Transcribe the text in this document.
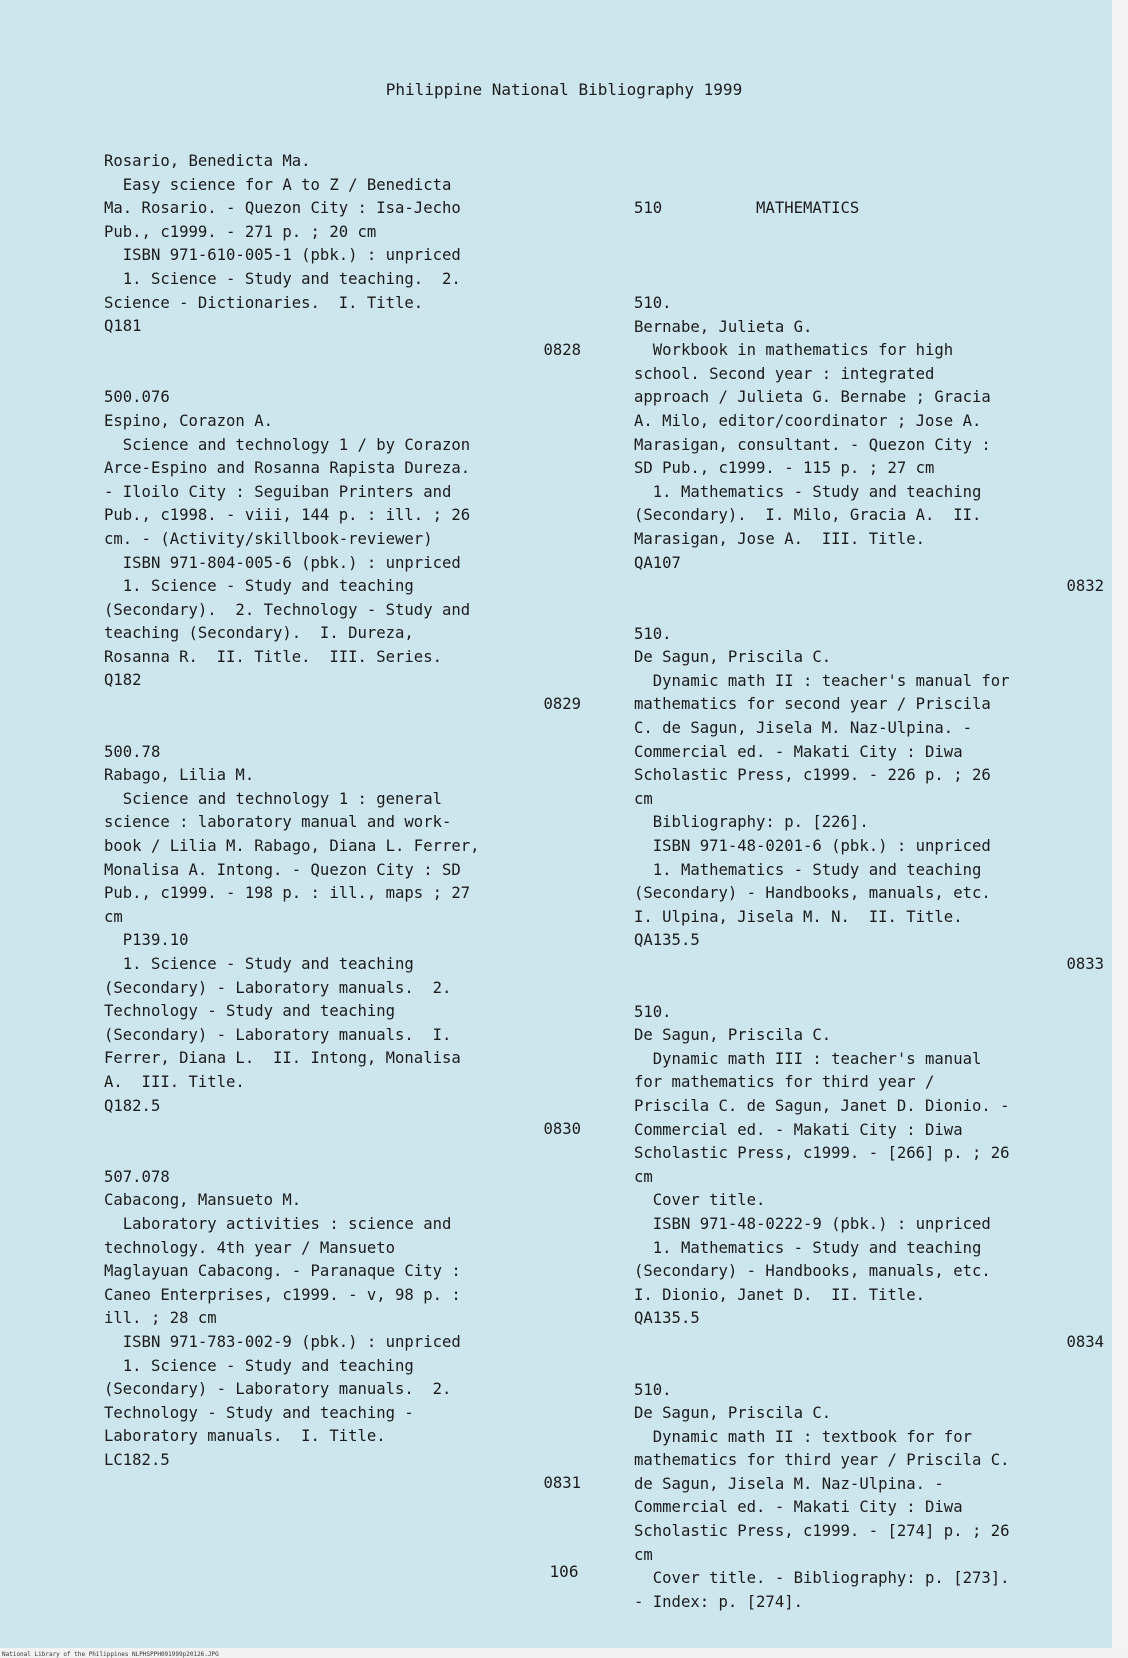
National Library of the Philippines NLPHSPPH091999p20126.JPG
Philippine National Bibliography 1999
Rosario, Benedicta Ma.
Easy science for A to Z / Benedicta
Ma. Rosario. - Quezon City : Isa-Jecho
Pub., c1999. - 271 p. ; 20 cm
ISBN 971-610-005-1 (pbk.) : unpriced
1. Science - Study and teaching.  2.
Science - Dictionaries.  I. Title.
Q181
0828
500.076
Espino, Corazon A.
Science and technology 1 / by Corazon
Arce-Espino and Rosanna Rapista Dureza.
- Iloilo City : Seguiban Printers and
Pub., c1998. - viii, 144 p. : ill. ; 26
cm. - (Activity/skillbook-reviewer)
ISBN 971-804-005-6 (pbk.) : unpriced
1. Science - Study and teaching
(Secondary).  2. Technology - Study and
teaching (Secondary).  I. Dureza,
Rosanna R.  II. Title.  III. Series.
Q182
0829
500.78
Rabago, Lilia M.
Science and technology 1 : general
science : laboratory manual and work-
book / Lilia M. Rabago, Diana L. Ferrer,
Monalisa A. Intong. - Quezon City : SD
Pub., c1999. - 198 p. : ill., maps ; 27
cm
P139.10
1. Science - Study and teaching
(Secondary) - Laboratory manuals.  2.
Technology - Study and teaching
(Secondary) - Laboratory manuals.  I.
Ferrer, Diana L.  II. Intong, Monalisa
A.  III. Title.
Q182.5
0830
507.078
Cabacong, Mansueto M.
Laboratory activities : science and
technology. 4th year / Mansueto
Maglayuan Cabacong. - Paranaque City :
Caneo Enterprises, c1999. - v, 98 p. :
ill. ; 28 cm
ISBN 971-783-002-9 (pbk.) : unpriced
1. Science - Study and teaching
(Secondary) - Laboratory manuals.  2.
Technology - Study and teaching -
Laboratory manuals.  I. Title.
LC182.5
0831

510          MATHEMATICS

510.
Bernabe, Julieta G.
Workbook in mathematics for high
school. Second year : integrated
approach / Julieta G. Bernabe ; Gracia
A. Milo, editor/coordinator ; Jose A.
Marasigan, consultant. - Quezon City :
SD Pub., c1999. - 115 p. ; 27 cm
1. Mathematics - Study and teaching
(Secondary).  I. Milo, Gracia A.  II.
Marasigan, Jose A.  III. Title.
QA107
0832
510.
De Sagun, Priscila C.
Dynamic math II : teacher's manual for
mathematics for second year / Priscila
C. de Sagun, Jisela M. Naz-Ulpina. -
Commercial ed. - Makati City : Diwa
Scholastic Press, c1999. - 226 p. ; 26
cm
Bibliography: p. [226].
ISBN 971-48-0201-6 (pbk.) : unpriced
1. Mathematics - Study and teaching
(Secondary) - Handbooks, manuals, etc.
I. Ulpina, Jisela M. N.  II. Title.
QA135.5
0833
510.
De Sagun, Priscila C.
Dynamic math III : teacher's manual
for mathematics for third year /
Priscila C. de Sagun, Janet D. Dionio. -
Commercial ed. - Makati City : Diwa
Scholastic Press, c1999. - [266] p. ; 26
cm
Cover title.
ISBN 971-48-0222-9 (pbk.) : unpriced
1. Mathematics - Study and teaching
(Secondary) - Handbooks, manuals, etc.
I. Dionio, Janet D.  II. Title.
QA135.5
0834
510.
De Sagun, Priscila C.
Dynamic math II : textbook for for
mathematics for third year / Priscila C.
de Sagun, Jisela M. Naz-Ulpina. -
Commercial ed. - Makati City : Diwa
Scholastic Press, c1999. - [274] p. ; 26
cm
Cover title. - Bibliography: p. [273].
- Index: p. [274].

106
